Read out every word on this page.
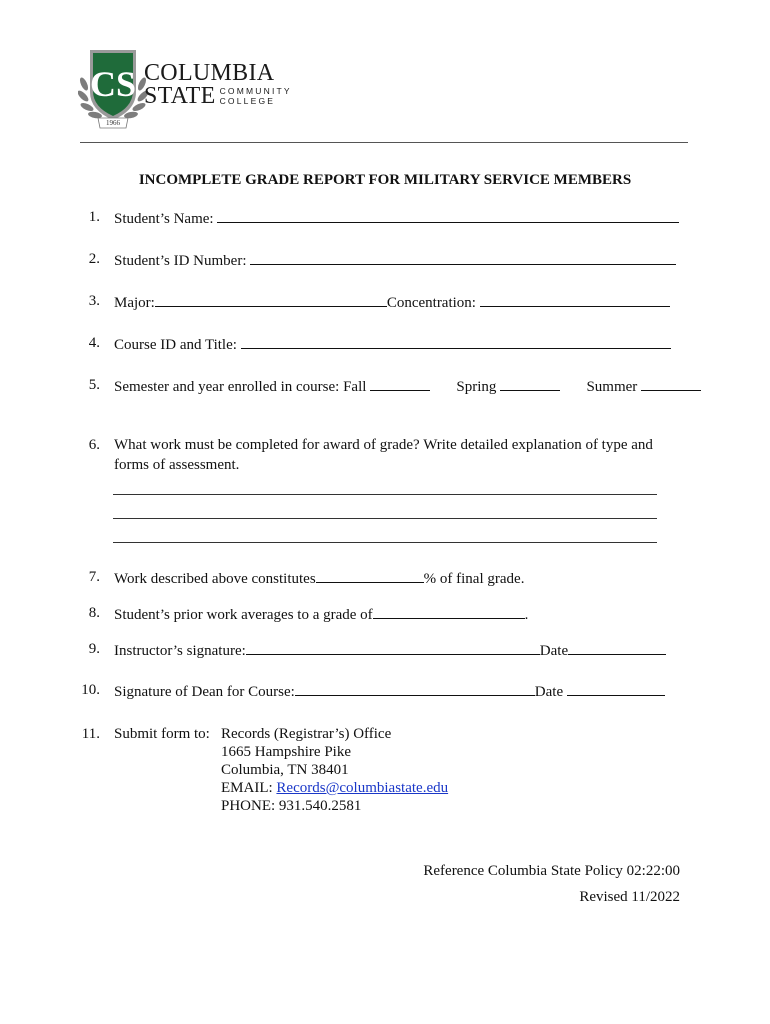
CS
1966
COLUMBIA
STATE COMMUNITY
COLLEGE
INCOMPLETE GRADE REPORT FOR MILITARY SERVICE MEMBERS
1. Student’s Name:
2. Student’s ID Number:
3. Major:	Concentration:
4. Course ID and Title:
5. Semester and year enrolled in course: Fall	Spring	Summer
6. What work must be completed for award of grade? Write detailed explanation of type and
forms of assessment.
7. Work described above constitutes	% of final grade.
8. Student’s prior work averages to a grade of	.
9. Instructor’s signature:	Date
10. Signature of Dean for Course:	Date
11. Submit form to: Records (Registrar’s) Office
1665 Hampshire Pike
Columbia, TN 38401
EMAIL: Records@columbiastate.edu
PHONE: 931.540.2581
Reference Columbia State Policy 02:22:00
Revised 11/2022
